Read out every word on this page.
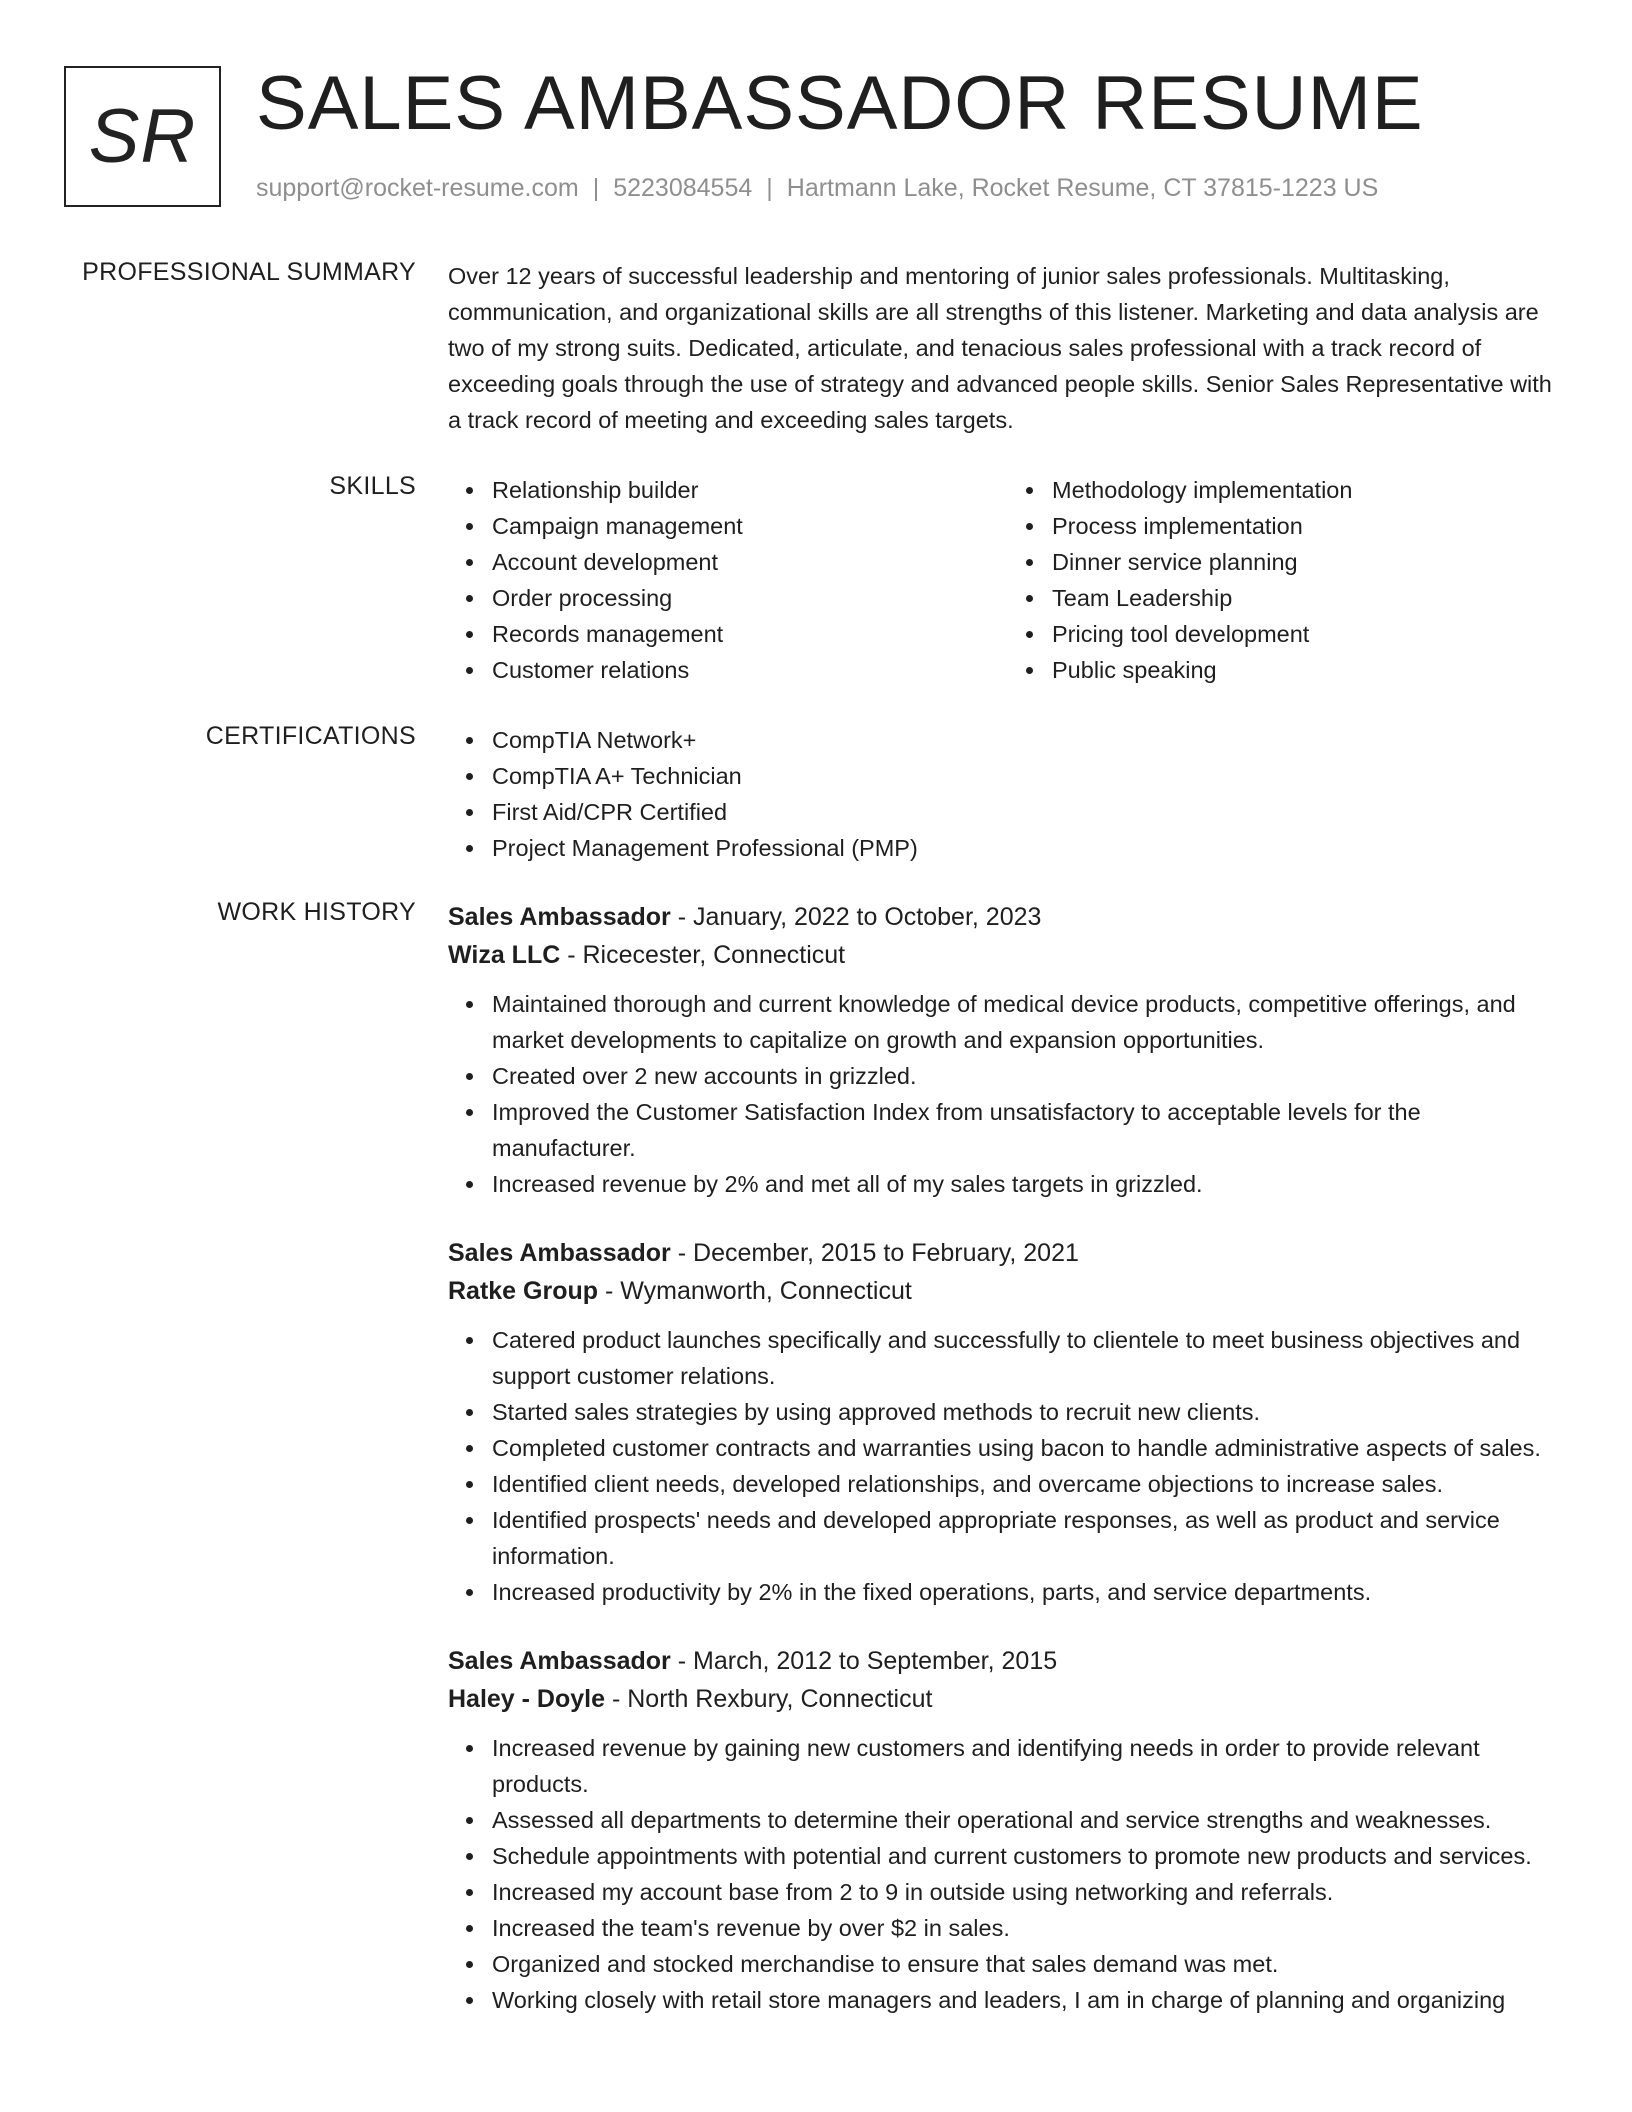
SR SALES AMBASSADOR RESUME
support@rocket-resume.com | 5223084554 | Hartmann Lake, Rocket Resume, CT 37815-1223 US
PROFESSIONAL SUMMARY Over 12 years of successful leadership and mentoring of junior sales professionals. Multitasking, communication, and organizational skills are all strengths of this listener. Marketing and data analysis are two of my strong suits. Dedicated, articulate, and tenacious sales professional with a track record of exceeding goals through the use of strategy and advanced people skills. Senior Sales Representative with a track record of meeting and exceeding sales targets.

SKILLS	Relationship builder
Campaign management
Account development
Order processing
Records management
Customer relations
Methodology implementation
Process implementation
Dinner service planning
Team Leadership
Pricing tool development
Public speaking
CERTIFICATIONS	CompTIA Network+
CompTIA A+ Technician
First Aid/CPR Certified
Project Management Professional (PMP)
WORK HISTORY Sales Ambassador - January, 2022 to October, 2023
Wiza LLC - Ricecester, Connecticut
Maintained thorough and current knowledge of medical device products, competitive offerings, and market developments to capitalize on growth and expansion opportunities.
Created over 2 new accounts in grizzled.
Improved the Customer Satisfaction Index from unsatisfactory to acceptable levels for the manufacturer.
Increased revenue by 2% and met all of my sales targets in grizzled.
Sales Ambassador - December, 2015 to February, 2021
Ratke Group - Wymanworth, Connecticut
Catered product launches specifically and successfully to clientele to meet business objectives and support customer relations.
Started sales strategies by using approved methods to recruit new clients.
Completed customer contracts and warranties using bacon to handle administrative aspects of sales.
Identified client needs, developed relationships, and overcame objections to increase sales.
Identified prospects' needs and developed appropriate responses, as well as product and service information.
Increased productivity by 2% in the fixed operations, parts, and service departments.
Sales Ambassador - March, 2012 to September, 2015
Haley - Doyle - North Rexbury, Connecticut
Increased revenue by gaining new customers and identifying needs in order to provide relevant products.
Assessed all departments to determine their operational and service strengths and weaknesses.
Schedule appointments with potential and current customers to promote new products and services.
Increased my account base from 2 to 9 in outside using networking and referrals.
Increased the team's revenue by over $2 in sales.
Organized and stocked merchandise to ensure that sales demand was met.
Working closely with retail store managers and leaders, I am in charge of planning and organizing
